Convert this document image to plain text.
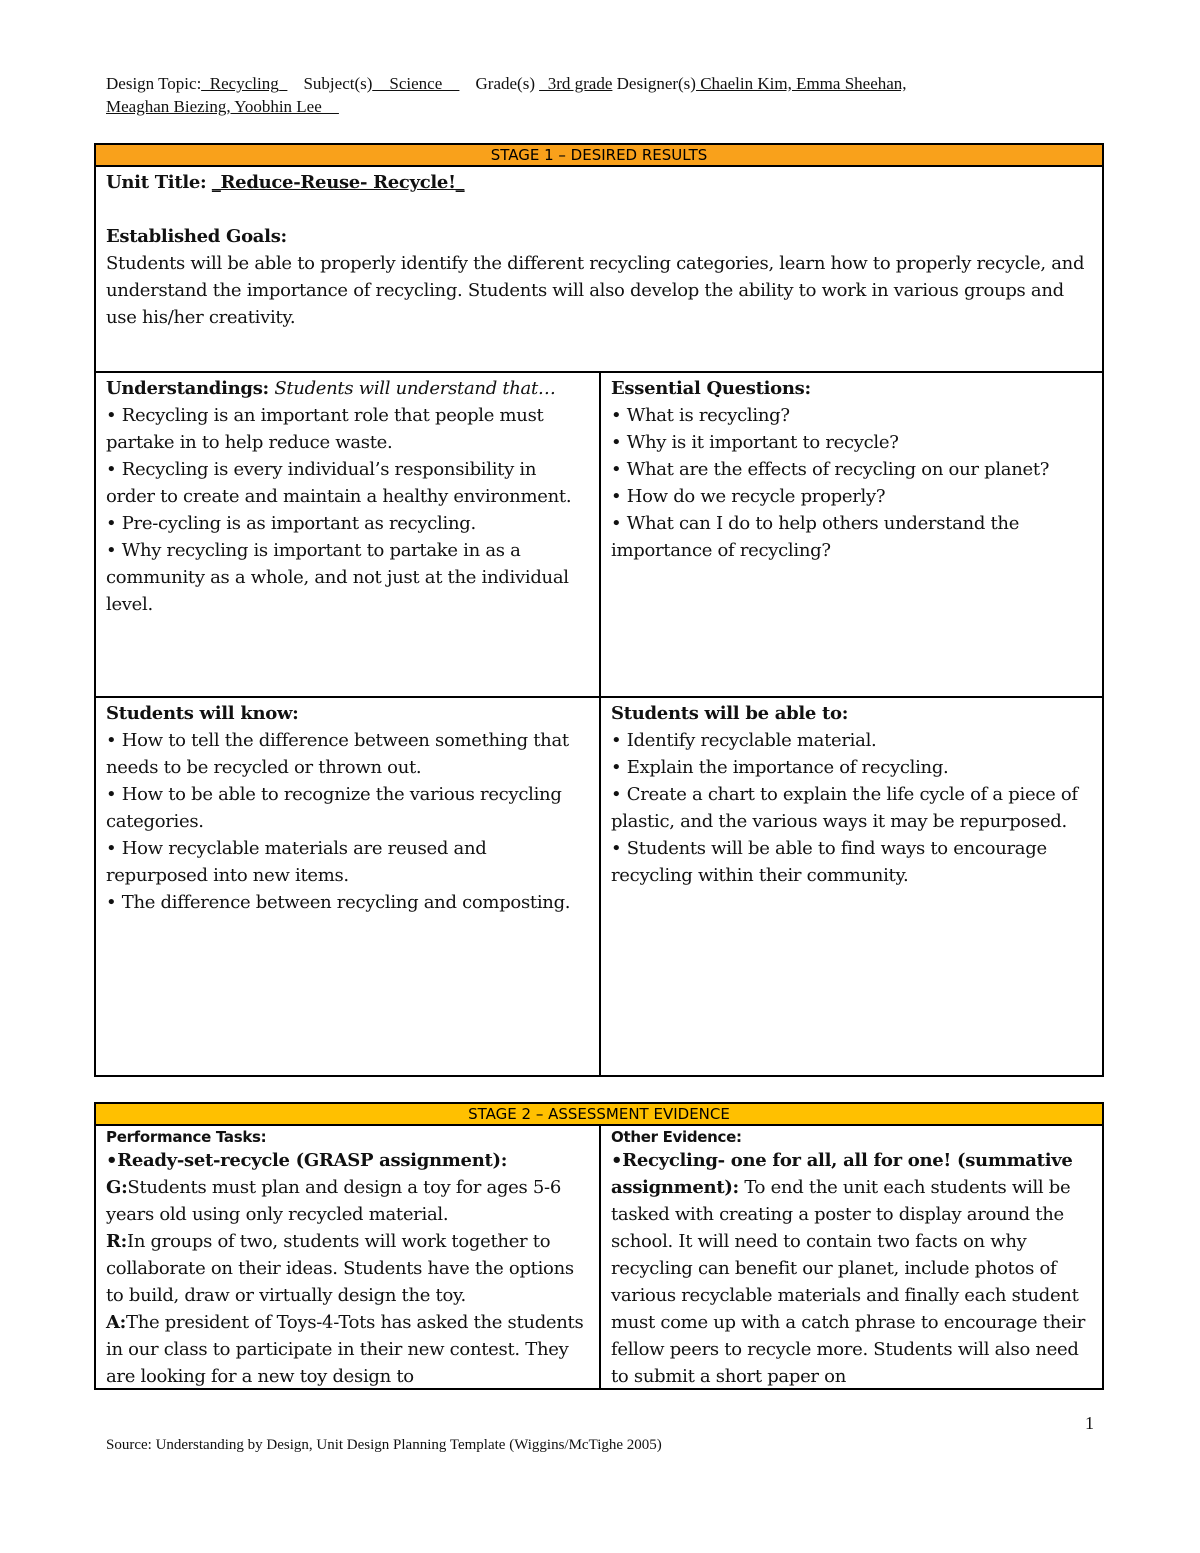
Design Topic:_Recycling_ Subject(s)__Science__ Grade(s) _3rd grade Designer(s) Chaelin Kim, Emma Sheehan,
Meaghan Biezing, Yoobhin Lee__
STAGE 1 – DESIRED RESULTS
Unit Title: _Reduce-Reuse- Recycle!_
Established Goals:
Students will be able to properly identify the different recycling categories, learn how to properly recycle, and understand the importance of recycling. Students will also develop the ability to work in various groups and use his/her creativity.
Understandings: Students will understand that…
• Recycling is an important role that people must partake in to help reduce waste.
• Recycling is every individual’s responsibility in order to create and maintain a healthy environment.
• Pre-cycling is as important as recycling.
• Why recycling is important to partake in as a community as a whole, and not just at the individual level.
Essential Questions:
• What is recycling?
• Why is it important to recycle?
• What are the effects of recycling on our planet?
• How do we recycle properly?
• What can I do to help others understand the importance of recycling?
Students will know:
• How to tell the difference between something that needs to be recycled or thrown out.
• How to be able to recognize the various recycling categories.
• How recyclable materials are reused and repurposed into new items.
• The difference between recycling and composting.
Students will be able to:
• Identify recyclable material.
• Explain the importance of recycling.
• Create a chart to explain the life cycle of a piece of plastic, and the various ways it may be repurposed.
• Students will be able to find ways to encourage recycling within their community.
STAGE 2 – ASSESSMENT EVIDENCE
Performance Tasks:
•Ready-set-recycle (GRASP assignment):
G:Students must plan and design a toy for ages 5-6 years old using only recycled material.
R:In groups of two, students will work together to collaborate on their ideas. Students have the options to build, draw or virtually design the toy.
A:The president of Toys-4-Tots has asked the students in our class to participate in their new contest. They are looking for a new toy design to
Other Evidence:
•Recycling- one for all, all for one! (summative assignment): To end the unit each students will be tasked with creating a poster to display around the school. It will need to contain two facts on why recycling can benefit our planet, include photos of various recyclable materials and finally each student must come up with a catch phrase to encourage their fellow peers to recycle more. Students will also need to submit a short paper on
1
Source: Understanding by Design, Unit Design Planning Template (Wiggins/McTighe 2005)
